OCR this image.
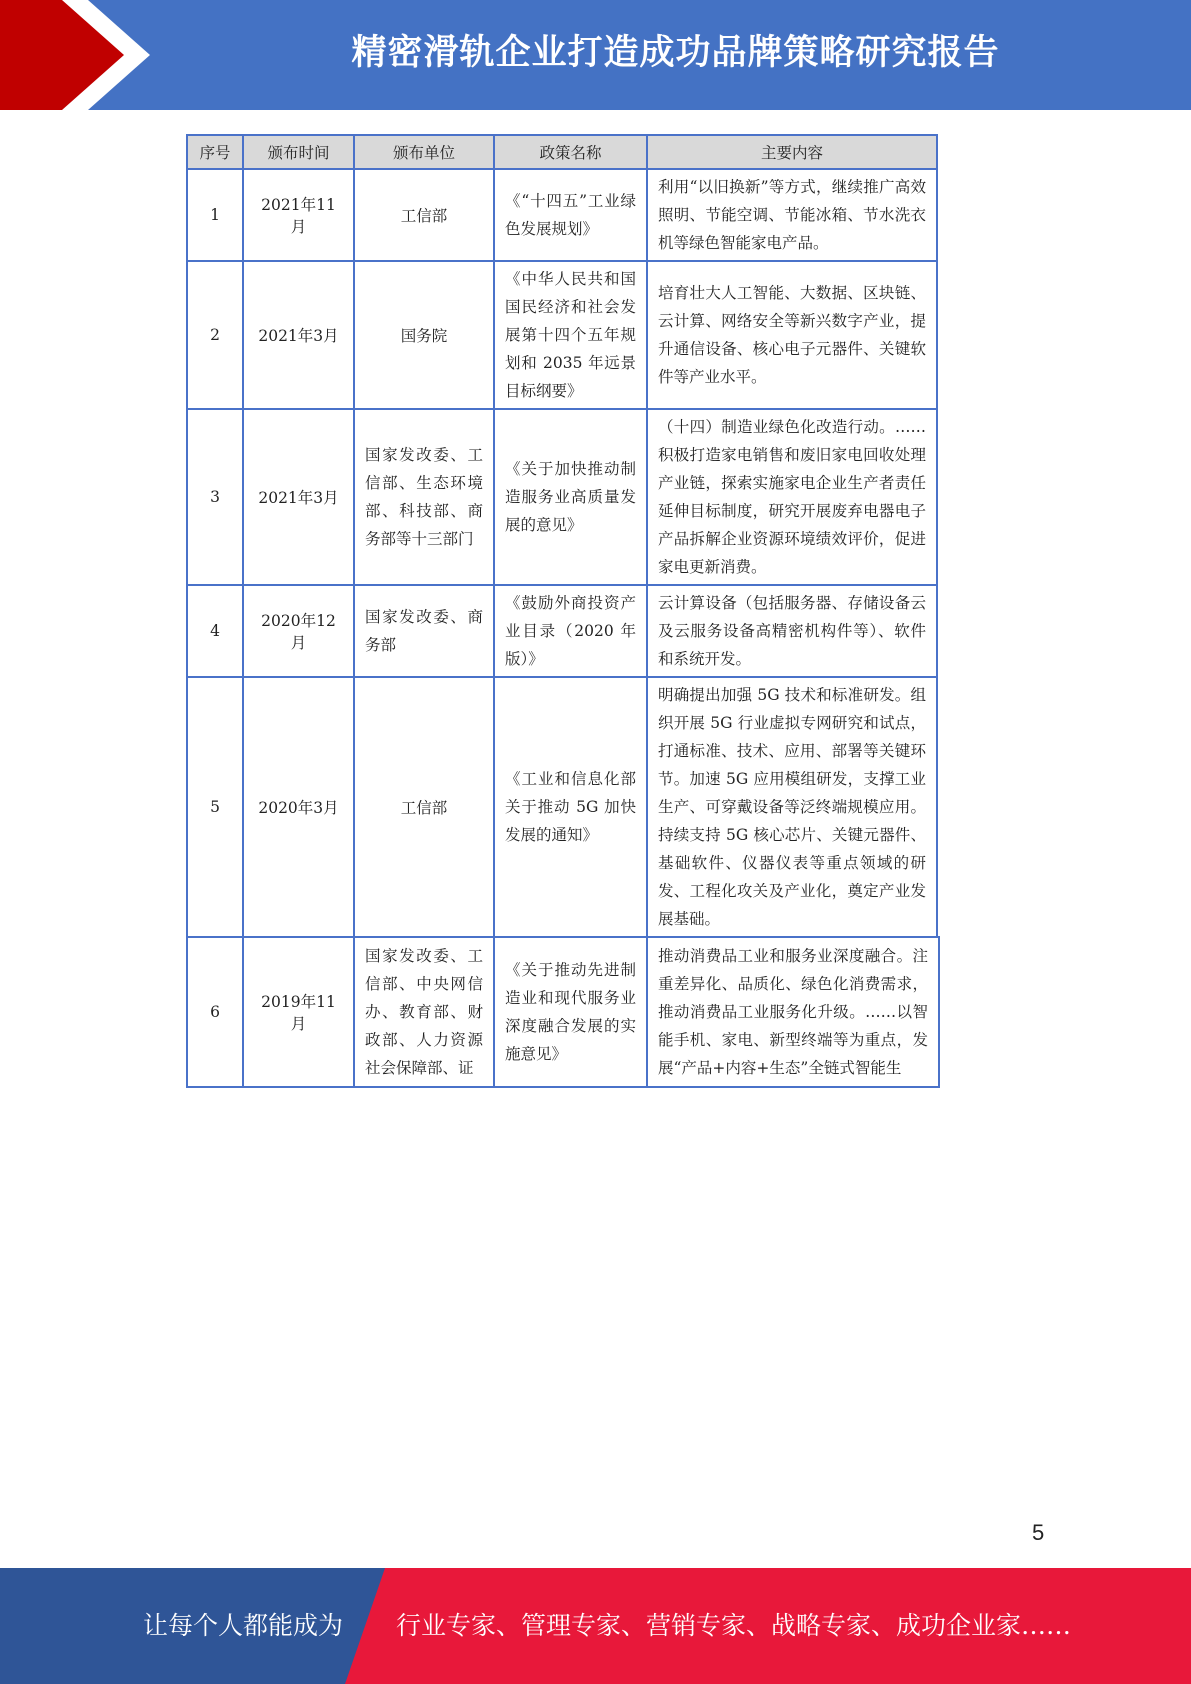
精密滑轨企业打造成功品牌策略研究报告
序号	颁布时间	颁布单位	政策名称	主要内容
1	2021年11月	工信部	《“十四五”工业绿色发展规划》	利用“以旧换新”等方式，继续推广高效照明、节能空调、节能冰箱、节水洗衣机等绿色智能家电产品。
2	2021年3月	国务院	《中华人民共和国国民经济和社会发展第十四个五年规划和 2035 年远景目标纲要》	培育壮大人工智能、大数据、区块链、云计算、网络安全等新兴数字产业，提升通信设备、核心电子元器件、关键软件等产业水平。
3	2021年3月	国家发改委、工信部、生态环境部、科技部、商务部等十三部门	《关于加快推动制造服务业高质量发展的意见》	（十四）制造业绿色化改造行动。……积极打造家电销售和废旧家电回收处理产业链，探索实施家电企业生产者责任延伸目标制度，研究开展废弃电器电子产品拆解企业资源环境绩效评价，促进家电更新消费。
4	2020年12月	国家发改委、商务部	《鼓励外商投资产业目录（2020 年版）》	云计算设备（包括服务器、存储设备云及云服务设备高精密机构件等）、软件和系统开发。
5	2020年3月	工信部	《工业和信息化部关于推动 5G 加快发展的通知》	明确提出加强 5G 技术和标准研发。组织开展 5G 行业虚拟专网研究和试点，打通标准、技术、应用、部署等关键环节。加速 5G 应用模组研发，支撑工业生产、可穿戴设备等泛终端规模应用。持续支持 5G 核心芯片、关键元器件、基础软件、仪器仪表等重点领域的研发、工程化攻关及产业化，奠定产业发展基础。
6	2019年11月	国家发改委、工信部、中央网信办、教育部、财政部、人力资源社会保障部、证	《关于推动先进制造业和现代服务业深度融合发展的实施意见》	推动消费品工业和服务业深度融合。注重差异化、品质化、绿色化消费需求，推动消费品工业服务化升级。……以智能手机、家电、新型终端等为重点，发展“产品+内容+生态”全链式智能生
5
让每个人都能成为 行业专家、管理专家、营销专家、战略专家、成功企业家……
